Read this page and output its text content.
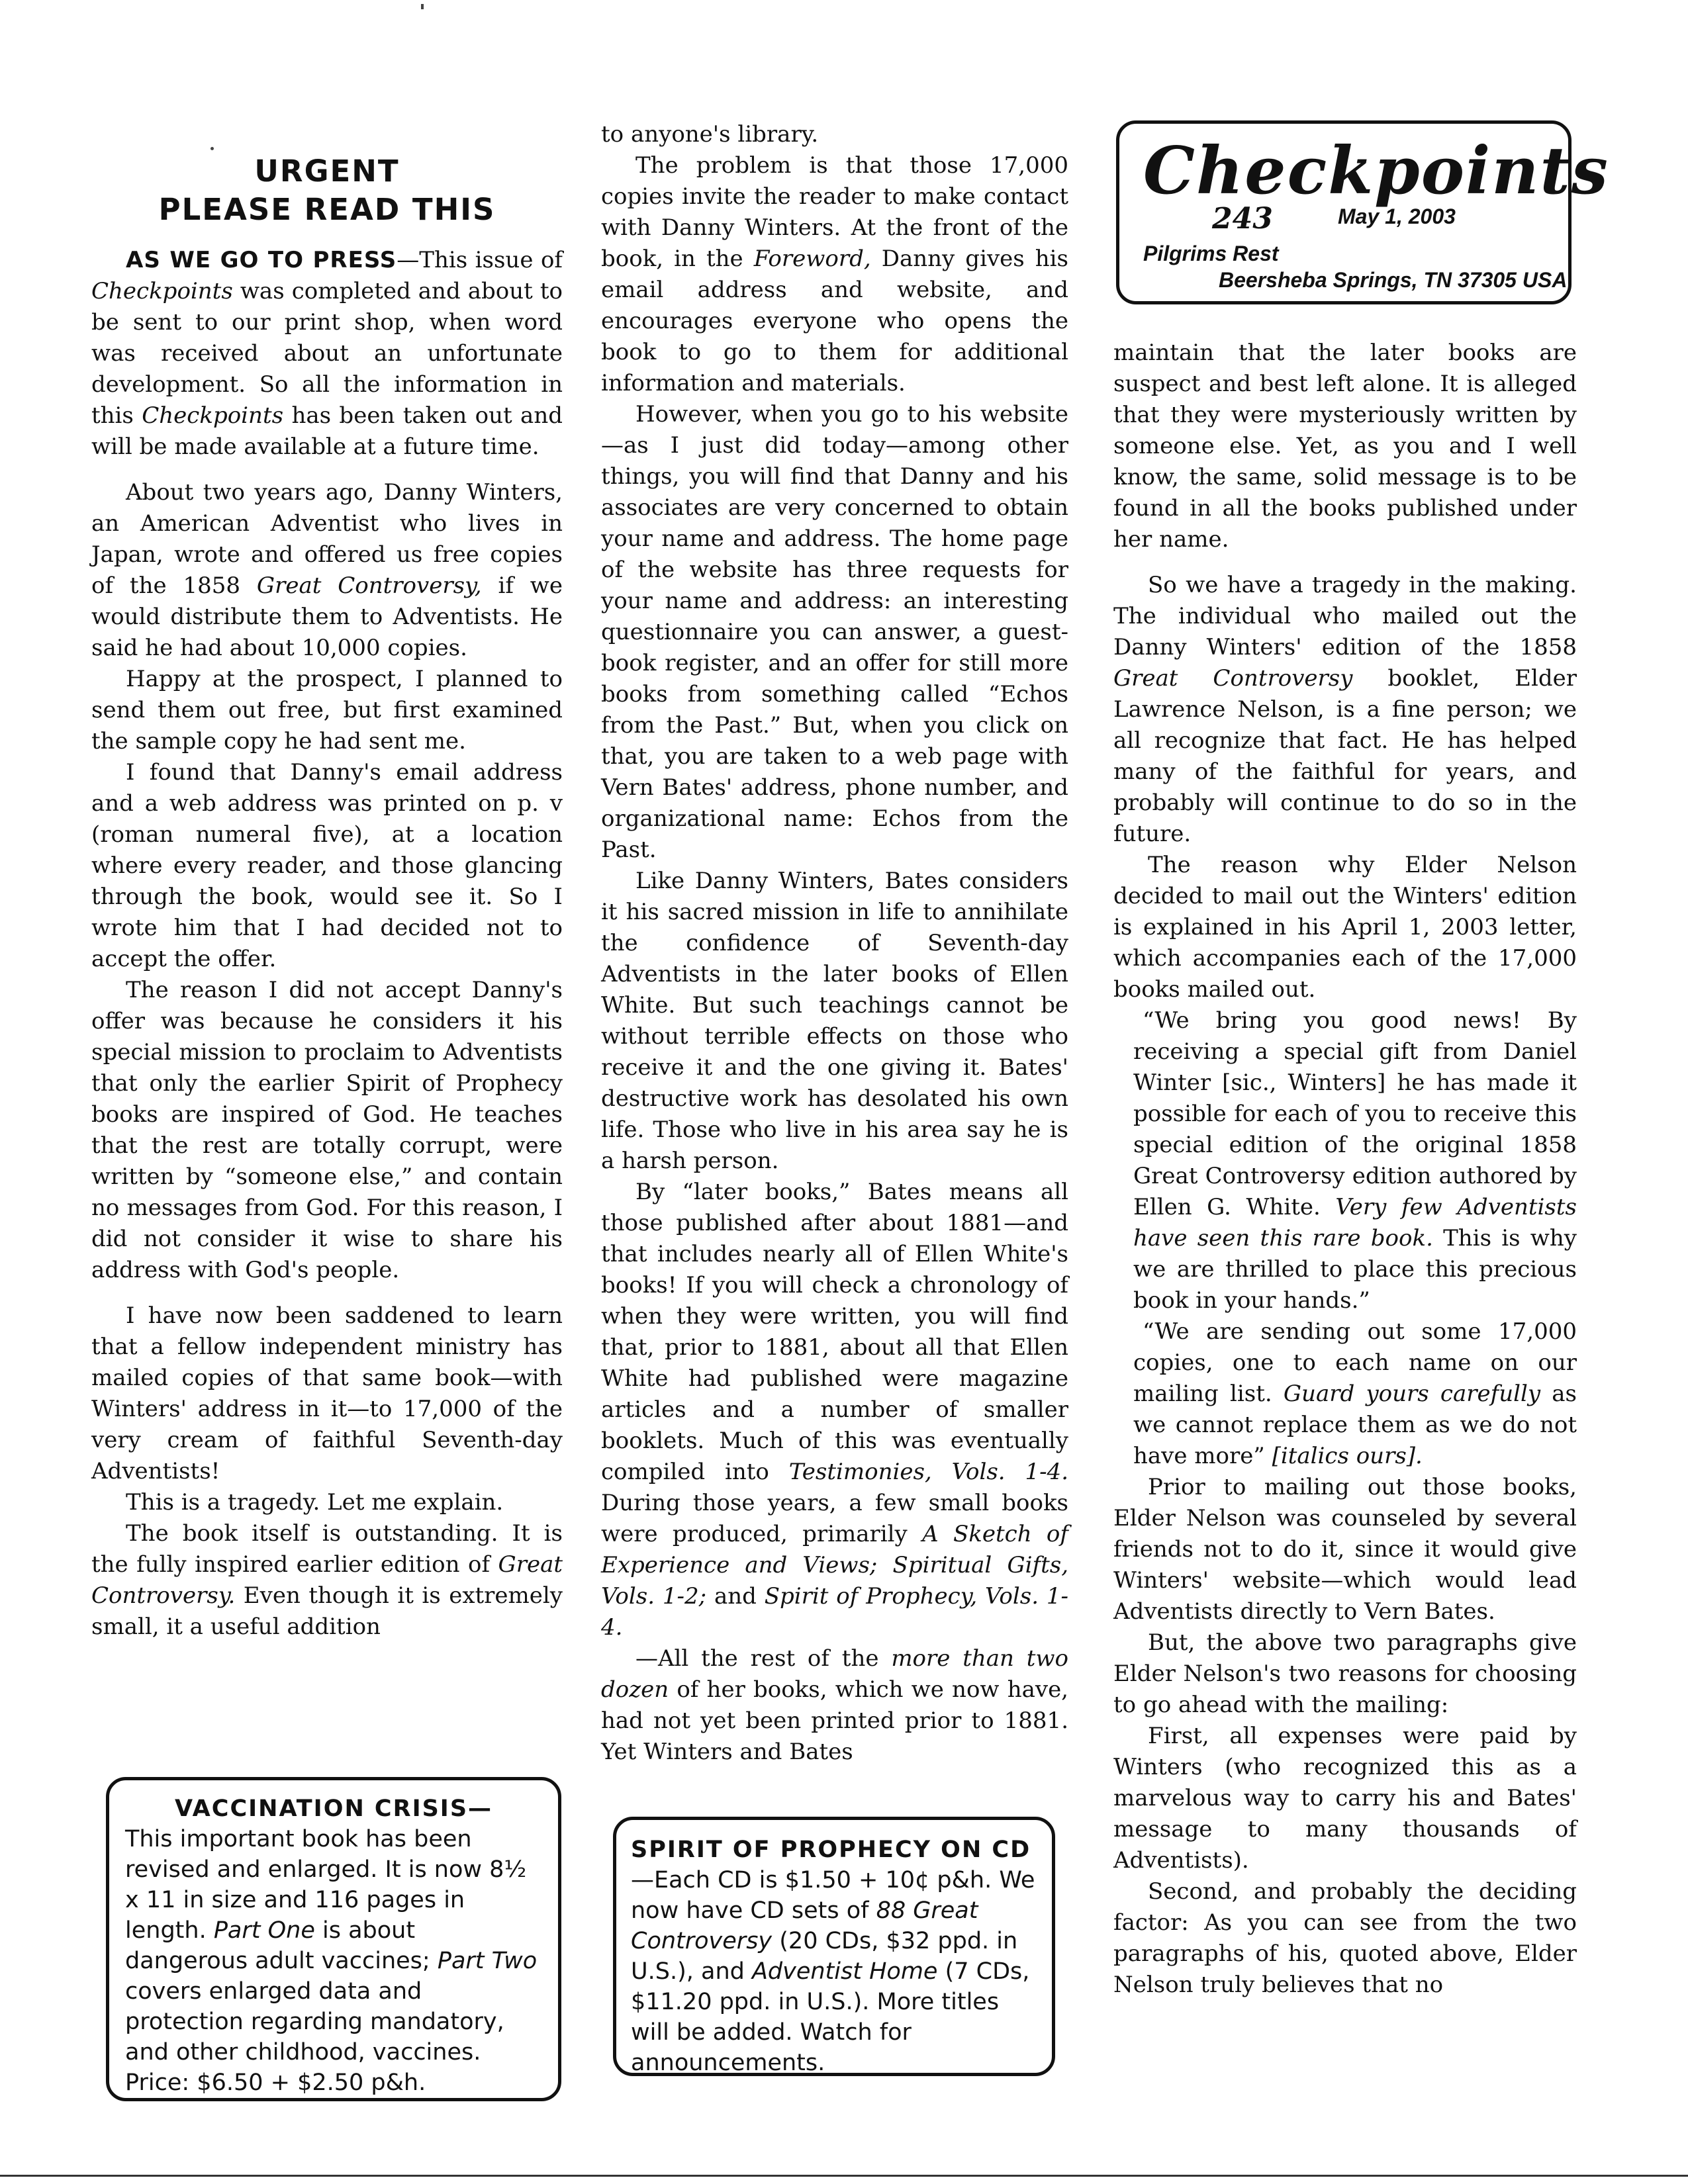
Checkpoints
243	May 1, 2003
Pilgrims Rest
Beersheba Springs, TN 37305 USA
URGENT
PLEASE READ THIS

AS WE GO TO PRESS—This issue of Checkpoints was completed and about to be sent to our print shop, when word was received about an unfortunate development. So all the information in this Checkpoints has been taken out and will be made available at a future time.

About two years ago, Danny Winters, an American Adventist who lives in Japan, wrote and offered us free copies of the 1858 Great Controversy, if we would distribute them to Adventists. He said he had about 10,000 copies.

Happy at the prospect, I planned to send them out free, but first examined the sample copy he had sent me.

I found that Danny's email address and a web address was printed on p. v (roman numeral five), at a location where every reader, and those glancing through the book, would see it. So I wrote him that I had decided not to accept the offer.

The reason I did not accept Danny's offer was because he considers it his special mission to proclaim to Adventists that only the earlier Spirit of Prophecy books are inspired of God. He teaches that the rest are totally corrupt, were written by “someone else,” and contain no messages from God. For this reason, I did not consider it wise to share his address with God's people.

I have now been saddened to learn that a fellow independent ministry has mailed copies of that same book—with Winters' address in it—to 17,000 of the very cream of faithful Seventh-day Adventists!

This is a tragedy. Let me explain.

The book itself is outstanding. It is the fully inspired earlier edition of Great Controversy. Even though it is extremely small, it a useful addition

to anyone's library.

The problem is that those 17,000 copies invite the reader to make contact with Danny Winters. At the front of the book, in the Foreword, Danny gives his email address and website, and encourages everyone who opens the book to go to them for additional information and materials.

However, when you go to his website—as I just did today—among other things, you will find that Danny and his associates are very concerned to obtain your name and address. The home page of the website has three requests for your name and address: an interesting questionnaire you can answer, a guest-book register, and an offer for still more books from something called “Echos from the Past.” But, when you click on that, you are taken to a web page with Vern Bates' address, phone number, and organizational name: Echos from the Past.

Like Danny Winters, Bates considers it his sacred mission in life to annihilate the confidence of Seventh-day Adventists in the later books of Ellen White. But such teachings cannot be without terrible effects on those who receive it and the one giving it. Bates' destructive work has desolated his own life. Those who live in his area say he is a harsh person.

By “later books,” Bates means all those published after about 1881—and that includes nearly all of Ellen White's books! If you will check a chronology of when they were written, you will find that, prior to 1881, about all that Ellen White had published were magazine articles and a number of smaller booklets. Much of this was eventually compiled into Testimonies, Vols. 1-4. During those years, a few small books were produced, primarily A Sketch of Experience and Views; Spiritual Gifts, Vols. 1-2; and Spirit of Prophecy, Vols. 1-4.

—All the rest of the more than two dozen of her books, which we now have, had not yet been printed prior to 1881. Yet Winters and Bates

maintain that the later books are suspect and best left alone. It is alleged that they were mysteriously written by someone else. Yet, as you and I well know, the same, solid message is to be found in all the books published under her name.

So we have a tragedy in the making. The individual who mailed out the Danny Winters' edition of the 1858 Great Controversy booklet, Elder Lawrence Nelson, is a fine person; we all recognize that fact. He has helped many of the faithful for years, and probably will continue to do so in the future.

The reason why Elder Nelson decided to mail out the Winters' edition is explained in his April 1, 2003 letter, which accompanies each of the 17,000 books mailed out.

“We bring you good news! By receiving a special gift from Daniel Winter [sic., Winters] he has made it possible for each of you to receive this special edition of the original 1858 Great Controversy edition authored by Ellen G. White. Very few Adventists have seen this rare book. This is why we are thrilled to place this precious book in your hands.”

“We are sending out some 17,000 copies, one to each name on our mailing list. Guard yours carefully as we cannot replace them as we do not have more” [italics ours].

Prior to mailing out those books, Elder Nelson was counseled by several friends not to do it, since it would give Winters' website—which would lead Adventists directly to Vern Bates.

But, the above two paragraphs give Elder Nelson's two reasons for choosing to go ahead with the mailing:

First, all expenses were paid by Winters (who recognized this as a marvelous way to carry his and Bates' message to many thousands of Adventists).

Second, and probably the deciding factor: As you can see from the two paragraphs of his, quoted above, Elder Nelson truly believes that no

VACCINATION CRISIS—
This important book has been revised and enlarged. It is now 8½ x 11 in size and 116 pages in length. Part One is about dangerous adult vaccines; Part Two covers enlarged data and protection regarding mandatory, and other childhood, vaccines. Price: $6.50 + $2.50 p&h.
SPIRIT OF PROPHECY ON CD—Each CD is $1.50 + 10¢ p&h. We now have CD sets of 88 Great Controversy (20 CDs, $32 ppd. in U.S.), and Adventist Home (7 CDs, $11.20 ppd. in U.S.). More titles will be added. Watch for announcements.
